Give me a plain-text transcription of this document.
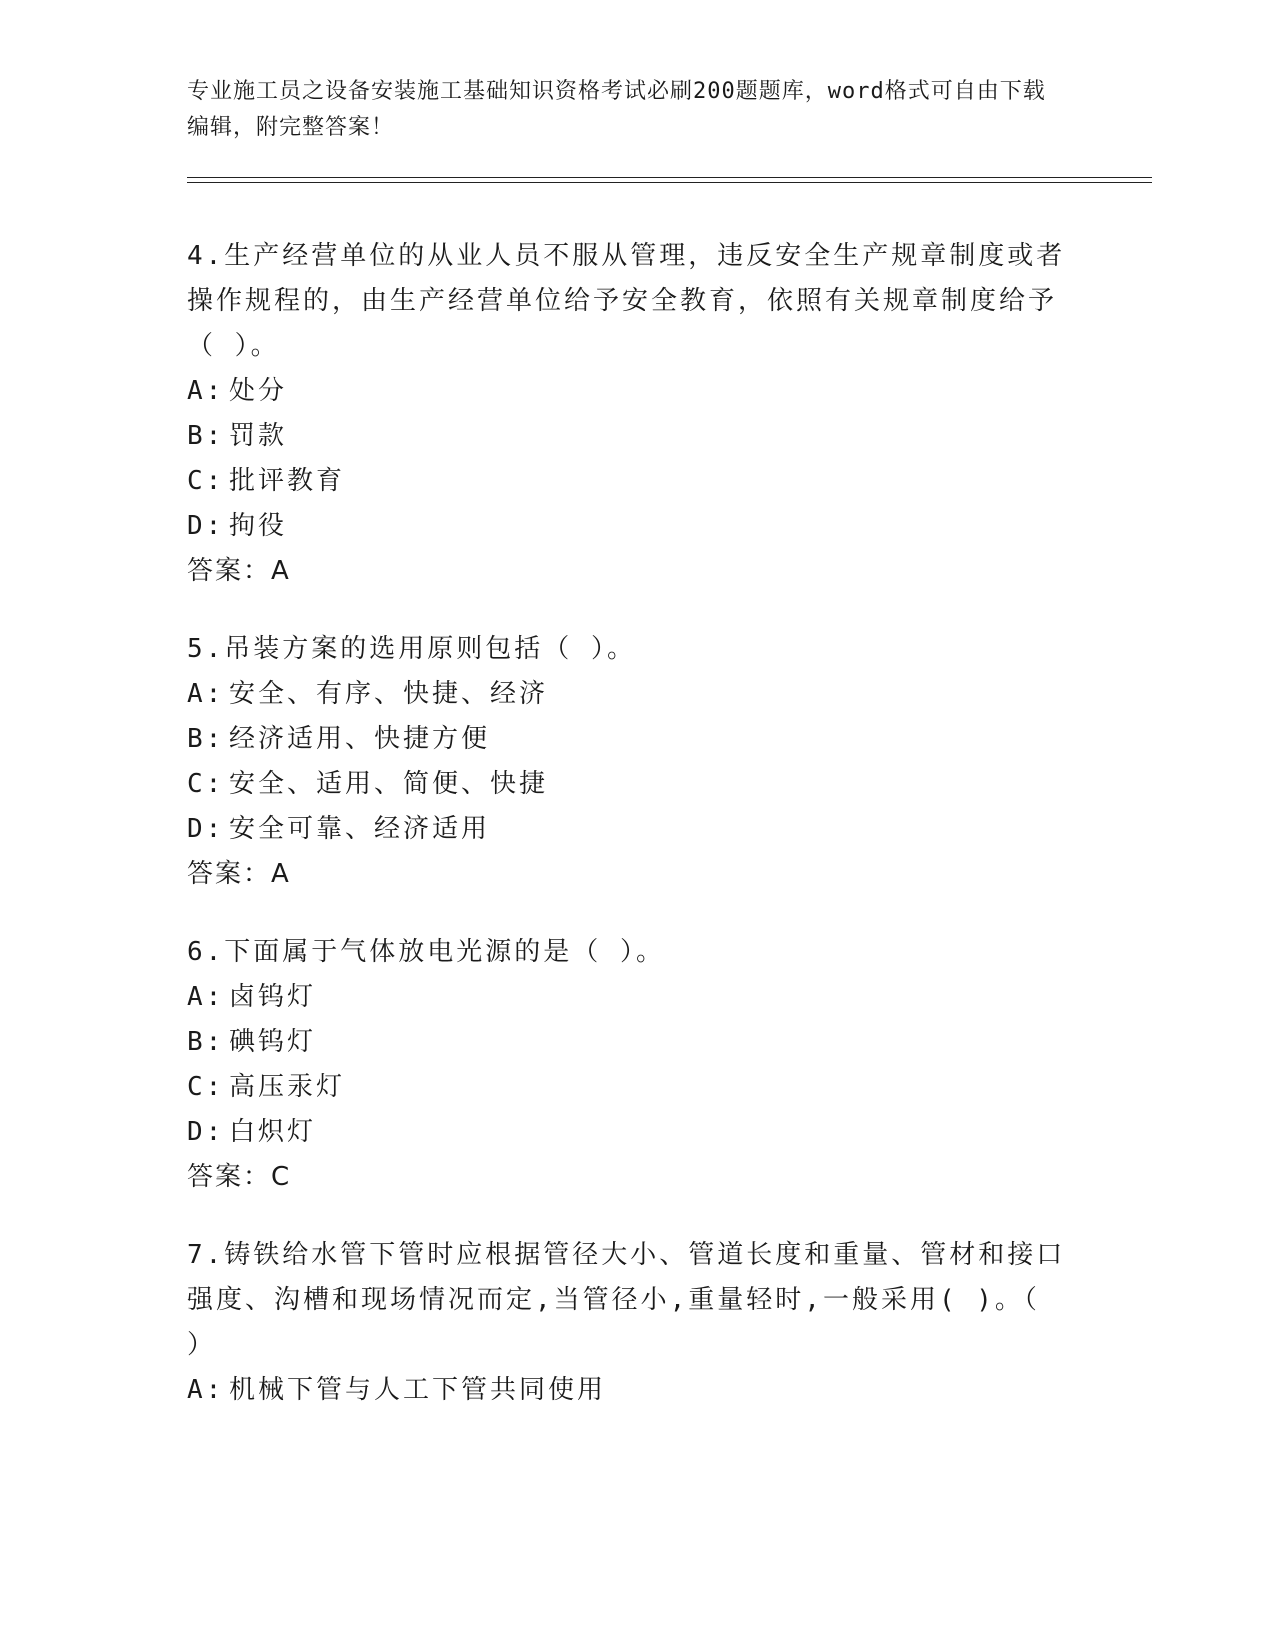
专业施工员之设备安装施工基础知识资格考试必刷200题题库，word格式可自由下载编辑，附完整答案！

4.生产经营单位的从业人员不服从管理，违反安全生产规章制度或者操作规程的，由生产经营单位给予安全教育，依照有关规章制度给予（ ）。

A: 处分

B: 罚款

C: 批评教育

D: 拘役

答案：A

5.吊装方案的选用原则包括（ ）。

A: 安全、有序、快捷、经济

B: 经济适用、快捷方便

C: 安全、适用、简便、快捷

D: 安全可靠、经济适用

答案：A

6.下面属于气体放电光源的是（ ）。

A: 卤钨灯

B: 碘钨灯

C: 高压汞灯

D: 白炽灯

答案：C

7.铸铁给水管下管时应根据管径大小、管道长度和重量、管材和接口强度、沟槽和现场情况而定,当管径小,重量轻时,一般采用( )。（ ）

A: 机械下管与人工下管共同使用
